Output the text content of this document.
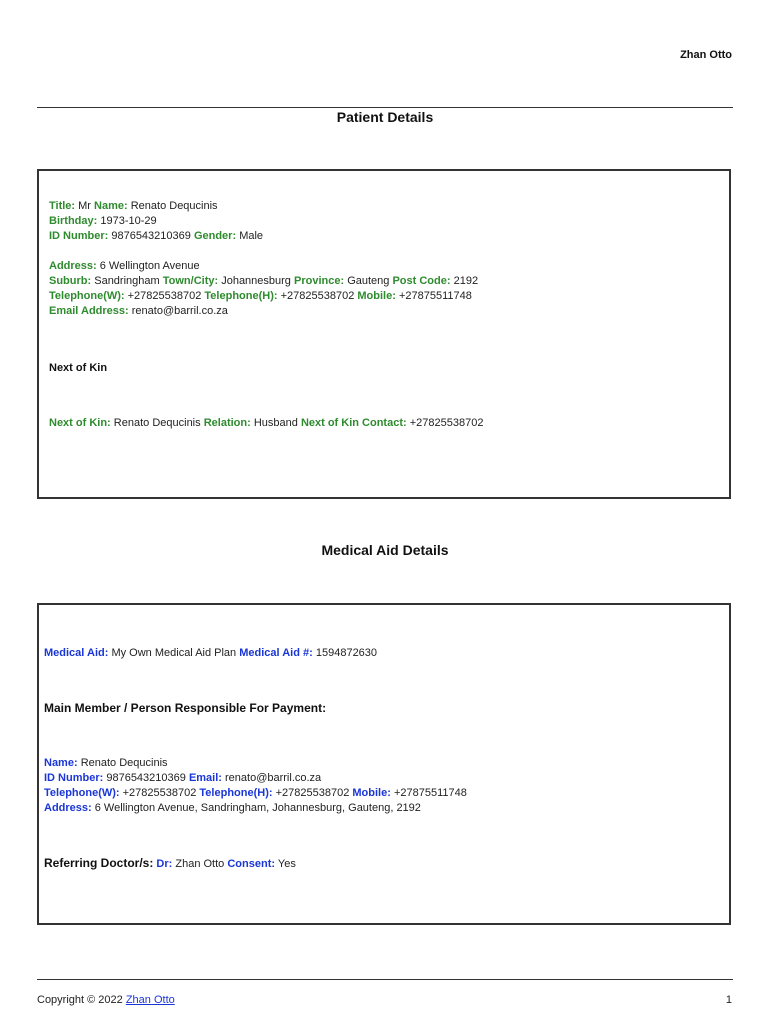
Zhan Otto
Patient Details
Title: Mr Name: Renato Dequcinis
Birthday: 1973-10-29
ID Number: 9876543210369 Gender: Male
Address: 6 Wellington Avenue
Suburb: Sandringham Town/City: Johannesburg Province: Gauteng Post Code: 2192
Telephone(W): +27825538702 Telephone(H): +27825538702 Mobile: +27875511748
Email Address: renato@barril.co.za
Next of Kin
Next of Kin: Renato Dequcinis Relation: Husband Next of Kin Contact: +27825538702
Medical Aid Details
Medical Aid: My Own Medical Aid Plan Medical Aid #: 1594872630
Main Member / Person Responsible For Payment:
Name: Renato Dequcinis
ID Number: 9876543210369 Email: renato@barril.co.za
Telephone(W): +27825538702 Telephone(H): +27825538702 Mobile: +27875511748
Address: 6 Wellington Avenue, Sandringham, Johannesburg, Gauteng, 2192
Referring Doctor/s: Dr: Zhan Otto Consent: Yes
Copyright © 2022 Zhan Otto	1
